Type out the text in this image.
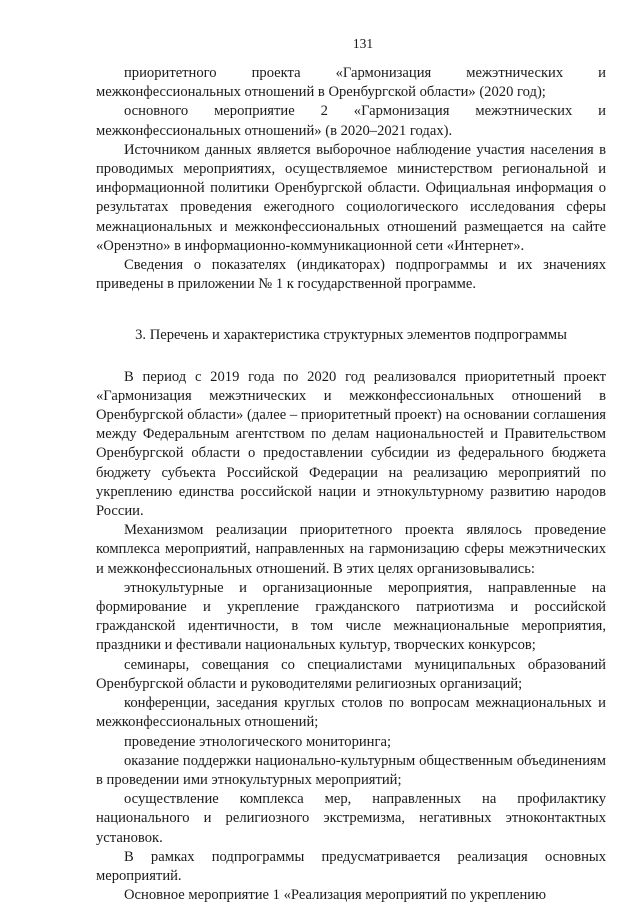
131

приоритетного проекта «Гармонизация межэтнических и межконфессиональных отношений в Оренбургской области» (2020 год);

основного мероприятие 2 «Гармонизация межэтнических и межконфессиональных отношений» (в 2020–2021 годах).

Источником данных является выборочное наблюдение участия населения в проводимых мероприятиях, осуществляемое министерством региональной и информационной политики Оренбургской области. Официальная информация о результатах проведения ежегодного социологического исследования сферы межнациональных и межконфессиональных отношений размещается на сайте «Оренэтно» в информационно-коммуникационной сети «Интернет».

Сведения о показателях (индикаторах) подпрограммы и их значениях приведены в приложении № 1 к государственной программе.

3. Перечень и характеристика структурных элементов подпрограммы

В период с 2019 года по 2020 год реализовался приоритетный проект «Гармонизация межэтнических и межконфессиональных отношений в Оренбургской области» (далее – приоритетный проект) на основании соглашения между Федеральным агентством по делам национальностей и Правительством Оренбургской области о предоставлении субсидии из федерального бюджета бюджету субъекта Российской Федерации на реализацию мероприятий по укреплению единства российской нации и этнокультурному развитию народов России.

Механизмом реализации приоритетного проекта являлось проведение комплекса мероприятий, направленных на гармонизацию сферы межэтнических и межконфессиональных отношений. В этих целях организовывались:

этнокультурные и организационные мероприятия, направленные на формирование и укрепление гражданского патриотизма и российской гражданской идентичности, в том числе межнациональные мероприятия, праздники и фестивали национальных культур, творческих конкурсов;

семинары, совещания со специалистами муниципальных образований Оренбургской области и руководителями религиозных организаций;

конференции, заседания круглых столов по вопросам межнациональных и межконфессиональных отношений;

проведение этнологического мониторинга;

оказание поддержки национально-культурным общественным объединениям в проведении ими этнокультурных мероприятий;

осуществление комплекса мер, направленных на профилактику национального и религиозного экстремизма, негативных этноконтактных установок.

В рамках подпрограммы предусматривается реализация основных мероприятий.

Основное мероприятие 1 «Реализация мероприятий по укреплению
